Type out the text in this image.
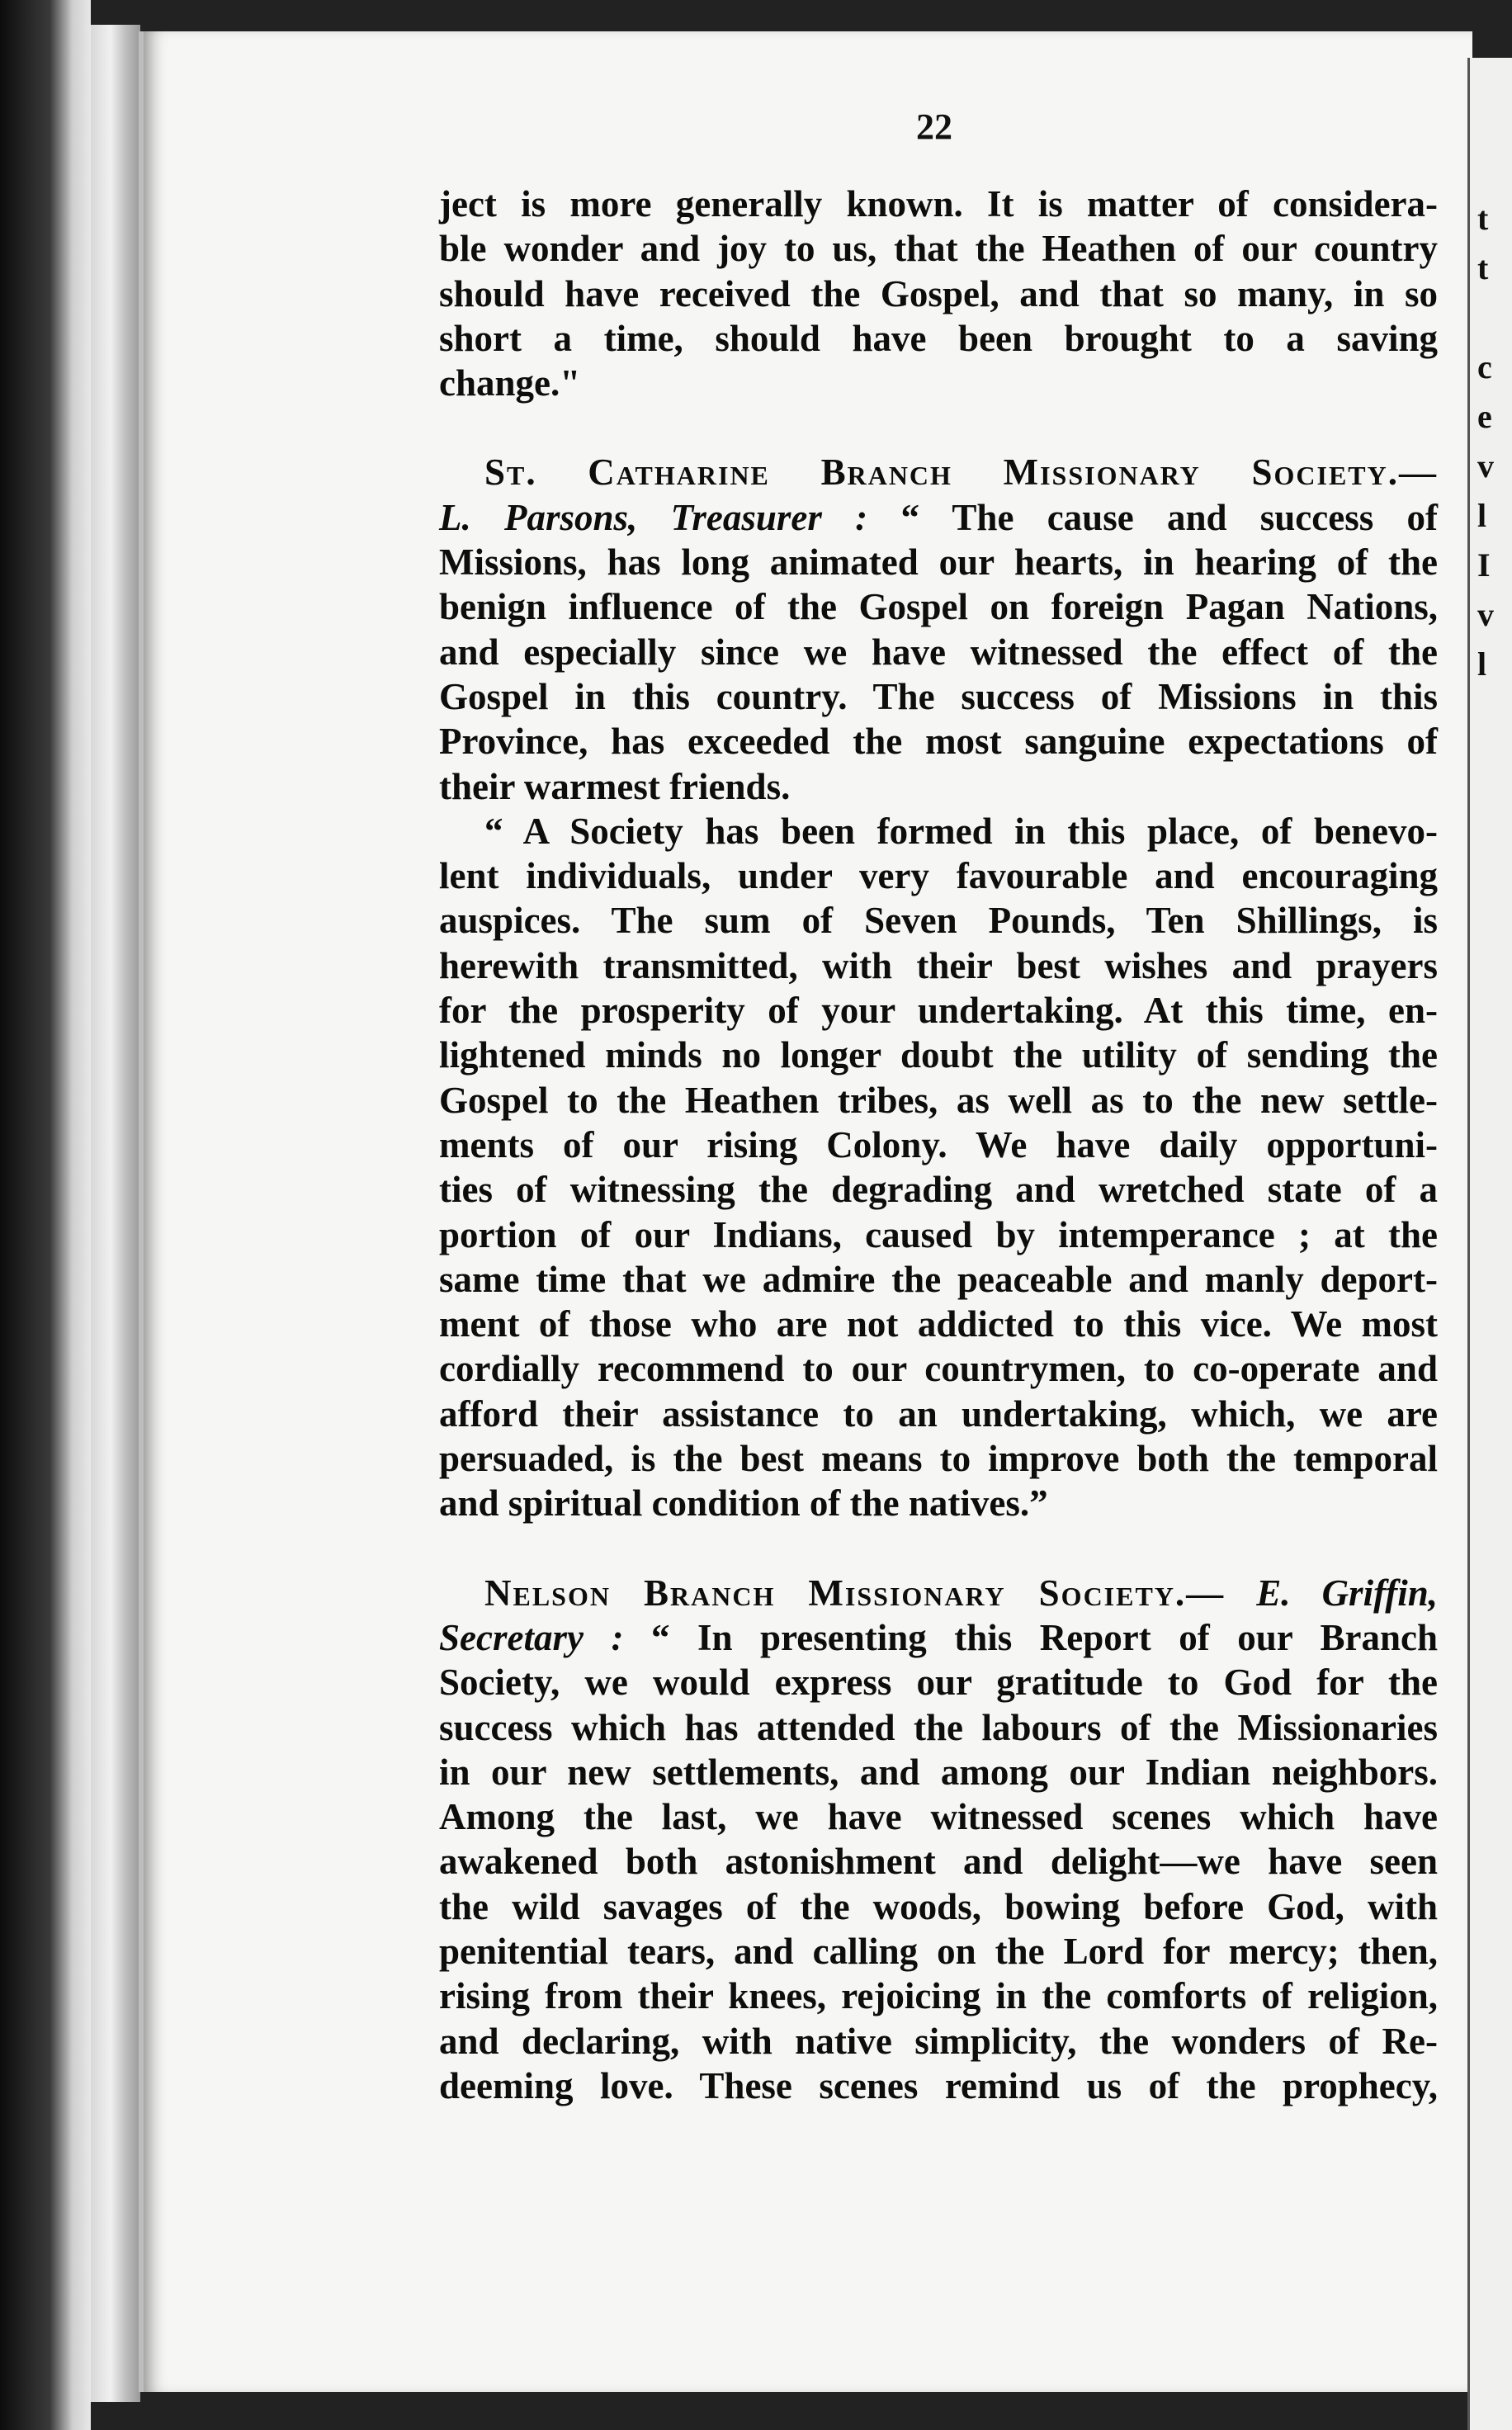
t
t
c
e
v
l
I
v
l
22
ject is more generally known. It is matter of considera-
ble wonder and joy to us, that the Heathen of our country
should have received the Gospel, and that so many, in so
short a time, should have been brought to a saving
change."
St. Catharine Branch Missionary Society.—
L. Parsons, Treasurer : “ The cause and success of
Missions, has long animated our hearts, in hearing of the
benign influence of the Gospel on foreign Pagan Nations,
and especially since we have witnessed the effect of the
Gospel in this country. The success of Missions in this
Province, has exceeded the most sanguine expectations of
their warmest friends.
“ A Society has been formed in this place, of benevo-
lent individuals, under very favourable and encouraging
auspices. The sum of Seven Pounds, Ten Shillings, is
herewith transmitted, with their best wishes and prayers
for the prosperity of your undertaking. At this time, en-
lightened minds no longer doubt the utility of sending the
Gospel to the Heathen tribes, as well as to the new settle-
ments of our rising Colony. We have daily opportuni-
ties of witnessing the degrading and wretched state of a
portion of our Indians, caused by intemperance ; at the
same time that we admire the peaceable and manly deport-
ment of those who are not addicted to this vice. We most
cordially recommend to our countrymen, to co-operate and
afford their assistance to an undertaking, which, we are
persuaded, is the best means to improve both the temporal
and spiritual condition of the natives.”
Nelson Branch Missionary Society.— E. Griffin,
Secretary : “ In presenting this Report of our Branch
Society, we would express our gratitude to God for the
success which has attended the labours of the Missionaries
in our new settlements, and among our Indian neighbors.
Among the last, we have witnessed scenes which have
awakened both astonishment and delight—we have seen
the wild savages of the woods, bowing before God, with
penitential tears, and calling on the Lord for mercy; then,
rising from their knees, rejoicing in the comforts of religion,
and declaring, with native simplicity, the wonders of Re-
deeming love. These scenes remind us of the prophecy,
